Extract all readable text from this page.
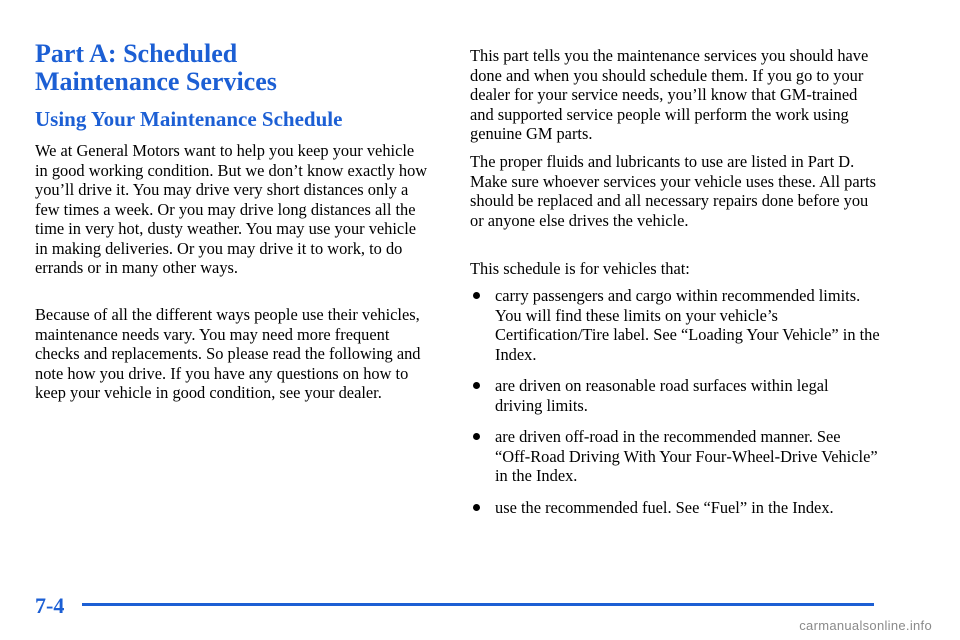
Part A: Scheduled
Maintenance Services
Using Your Maintenance Schedule

We at General Motors want to help you keep your vehicle in good working condition. But we don’t know exactly how you’ll drive it. You may drive very short distances only a few times a week. Or you may drive long distances all the time in very hot, dusty weather. You may use your vehicle in making deliveries. Or you may drive it to work, to do errands or in many other ways.

Because of all the different ways people use their vehicles, maintenance needs vary. You may need more frequent checks and replacements. So please read the following and note how you drive. If you have any questions on how to keep your vehicle in good condition, see your dealer.

This part tells you the maintenance services you should have done and when you should schedule them. If you go to your dealer for your service needs, you’ll know that GM‑trained and supported service people will perform the work using genuine GM parts.

The proper fluids and lubricants to use are listed in Part D. Make sure whoever services your vehicle uses these. All parts should be replaced and all necessary repairs done before you or anyone else drives the vehicle.

This schedule is for vehicles that:

carry passengers and cargo within recommended limits. You will find these limits on your vehicle’s Certification/Tire label. See “Loading Your Vehicle” in the Index.
are driven on reasonable road surfaces within legal driving limits.
are driven off‑road in the recommended manner. See “Off‑Road Driving With Your Four‑Wheel‑Drive Vehicle” in the Index.
use the recommended fuel. See “Fuel” in the Index.
7-4
carmanualsonline.info
